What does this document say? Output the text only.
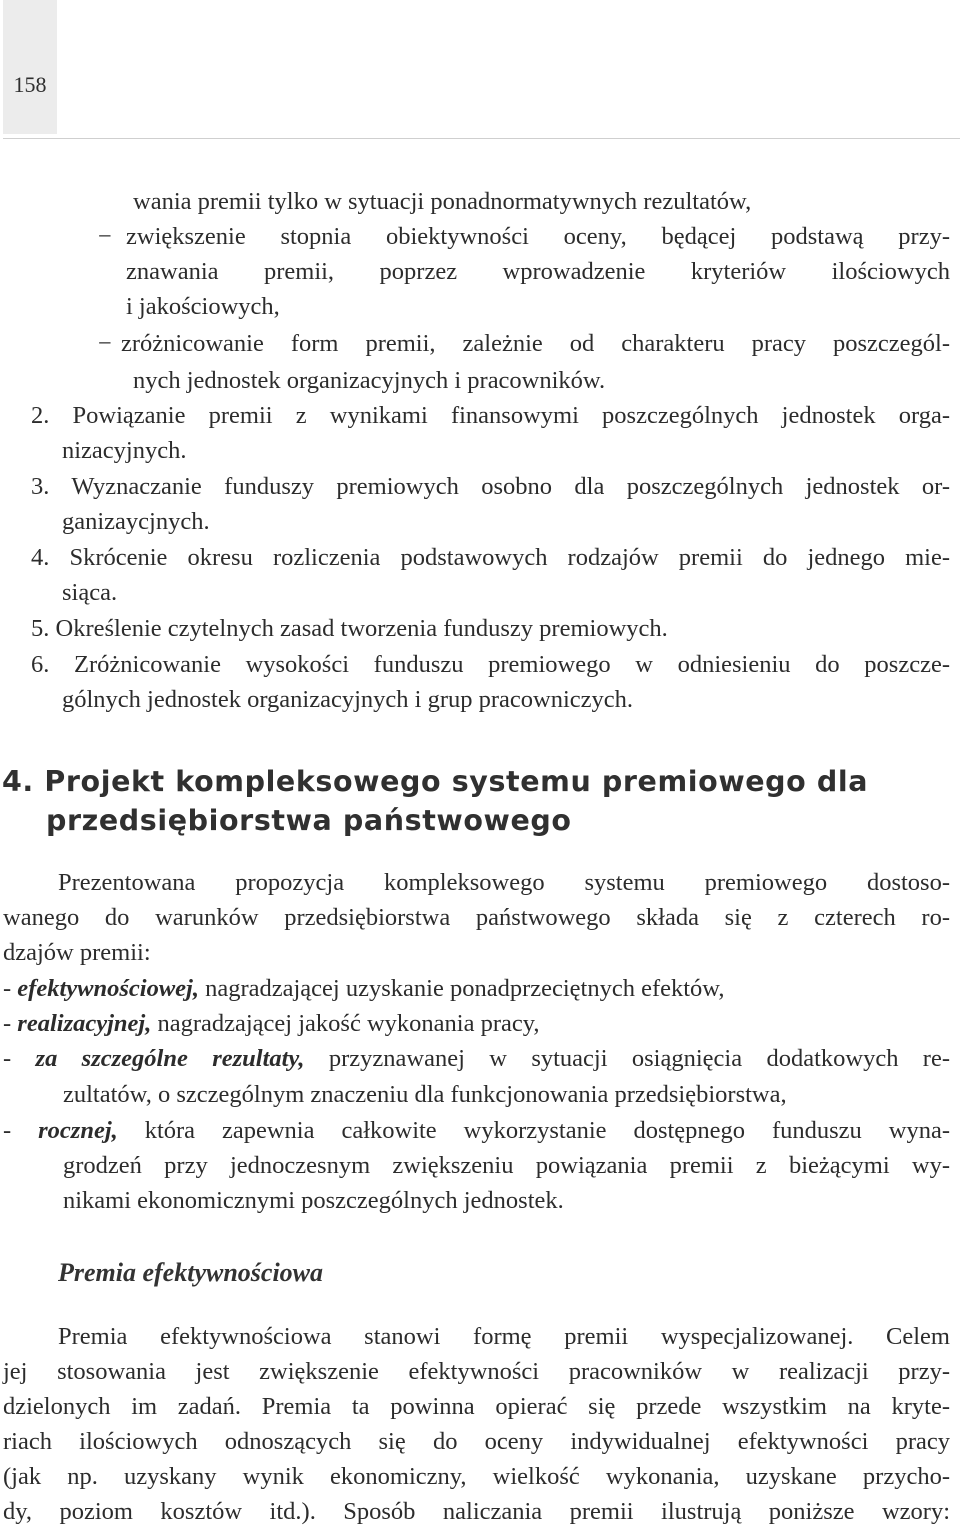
158
wania premii tylko w sytuacji ponadnormatywnych rezultatów,
− zwiększenie stopnia obiektywności oceny, będącej podstawą przy-
znawania premii, poprzez wprowadzenie kryteriów ilościowych
i jakościowych,
− zróżnicowanie form premii, zależnie od charakteru pracy poszczegól-
nych jednostek organizacyjnych i pracowników.
2. Powiązanie premii z wynikami finansowymi poszczególnych jednostek orga-
nizacyjnych.
3. Wyznaczanie funduszy premiowych osobno dla poszczególnych jednostek or-
ganizaycjnych.
4. Skrócenie okresu rozliczenia podstawowych rodzajów premii do jednego mie-
siąca.
5. Określenie czytelnych zasad tworzenia funduszy premiowych.
6. Zróżnicowanie wysokości funduszu premiowego w odniesieniu do poszcze-
gólnych jednostek organizacyjnych i grup pracowniczych.
4. Projekt kompleksowego systemu premiowego dla
przedsiębiorstwa państwowego
Prezentowana propozycja kompleksowego systemu premiowego dostoso-
wanego do warunków przedsiębiorstwa państwowego składa się z czterech ro-
dzajów premii:
- efektywnościowej, nagradzającej uzyskanie ponadprzeciętnych efektów,
- realizacyjnej, nagradzającej jakość wykonania pracy,
- za szczególne rezultaty, przyznawanej w sytuacji osiągnięcia dodatkowych re-
zultatów, o szczególnym znaczeniu dla funkcjonowania przedsiębiorstwa,
- rocznej, która zapewnia całkowite wykorzystanie dostępnego funduszu wyna-
grodzeń przy jednoczesnym zwiększeniu powiązania premii z bieżącymi wy-
nikami ekonomicznymi poszczególnych jednostek.
Premia efektywnościowa
Premia efektywnościowa stanowi formę premii wyspecjalizowanej. Celem
jej stosowania jest zwiększenie efektywności pracowników w realizacji przy-
dzielonych im zadań. Premia ta powinna opierać się przede wszystkim na kryte-
riach ilościowych odnoszących się do oceny indywidualnej efektywności pracy
(jak np. uzyskany wynik ekonomiczny, wielkość wykonania, uzyskane przycho-
dy, poziom kosztów itd.). Sposób naliczania premii ilustrują poniższe wzory:
